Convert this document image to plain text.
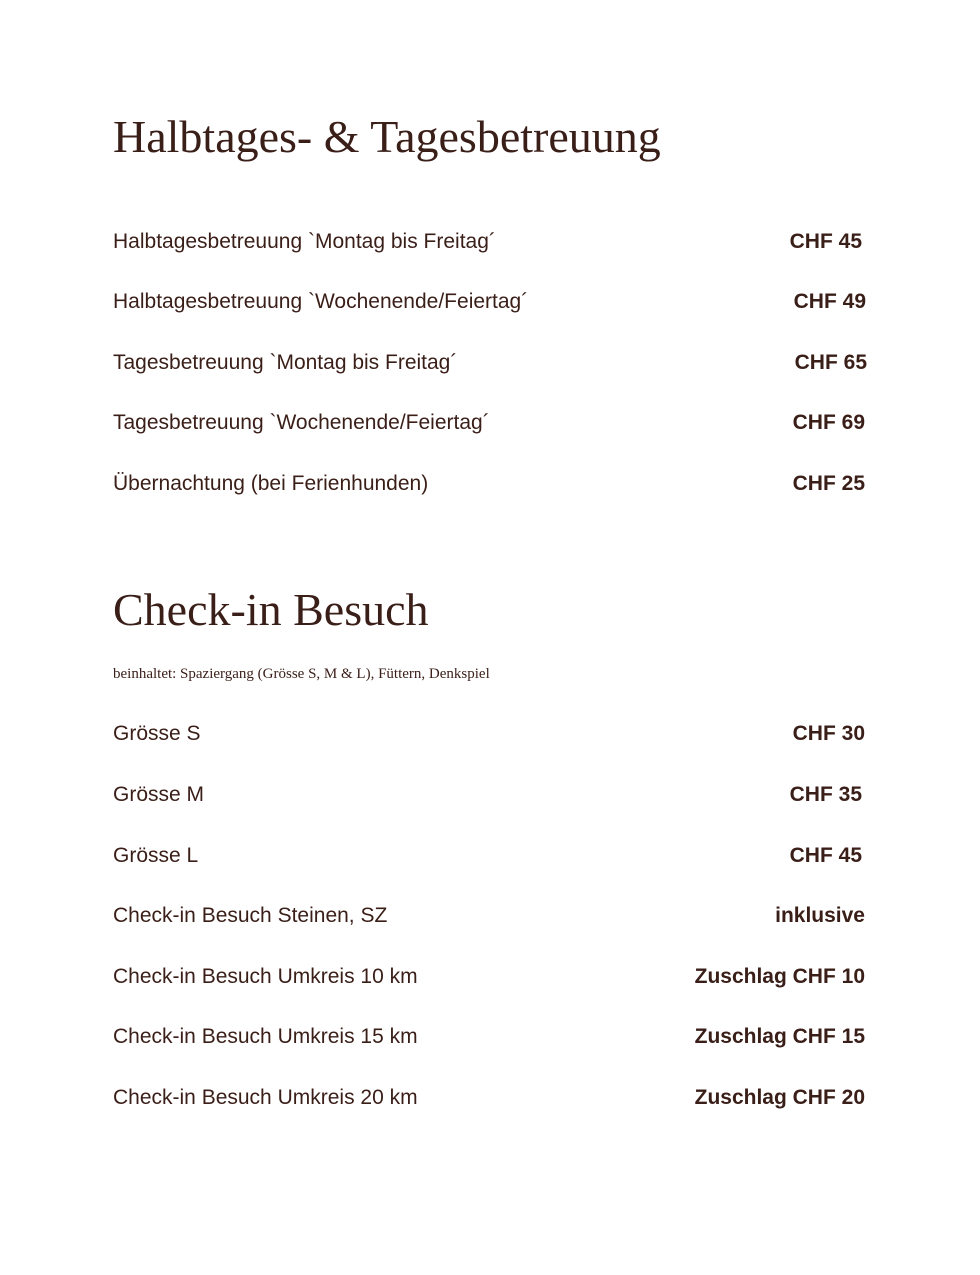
Halbtages- & Tagesbetreuung
Halbtagesbetreuung `Montag bis Freitag´	CHF 45
Halbtagesbetreuung `Wochenende/Feiertag´	CHF 49
Tagesbetreuung `Montag bis Freitag´	CHF 65
Tagesbetreuung `Wochenende/Feiertag´	CHF 69
Übernachtung (bei Ferienhunden)	CHF 25
Check-in Besuch

beinhaltet: Spaziergang (Grösse S, M & L), Füttern, Denkspiel

Grösse S	CHF 30
Grösse M	CHF 35
Grösse L	CHF 45
Check-in Besuch Steinen, SZ	inklusive
Check-in Besuch Umkreis 10 km	Zuschlag CHF 10
Check-in Besuch Umkreis 15 km	Zuschlag CHF 15
Check-in Besuch Umkreis 20 km	Zuschlag CHF 20
